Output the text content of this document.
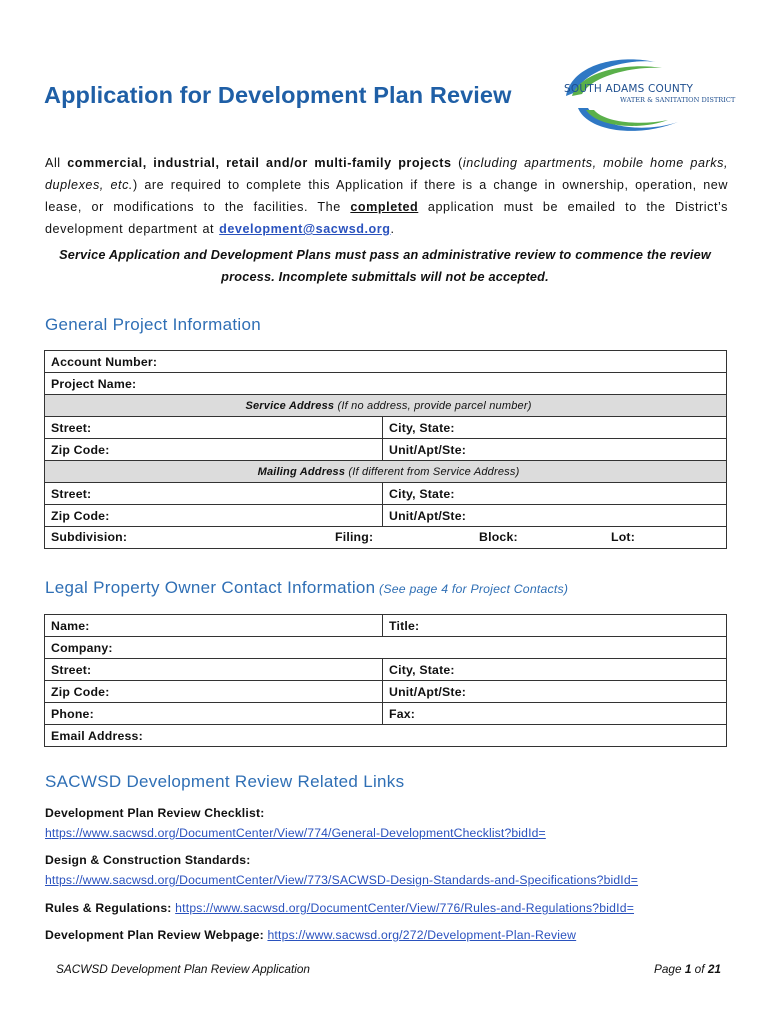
Application for Development Plan Review	SOUTH ADAMS COUNTY
WATER & SANITATION DISTRICT
All commercial, industrial, retail and/or multi-family projects (including apartments, mobile home parks, duplexes, etc.) are required to complete this Application if there is a change in ownership, operation, new lease, or modifications to the facilities. The completed application must be emailed to the District’s development department at development@sacwsd.org.
Service Application and Development Plans must pass an administrative review to commence the review process. Incomplete submittals will not be accepted.
General Project Information
Account Number:	
Project Name:	
Service Address (If no address, provide parcel number)	
Street:	City, State:
Zip Code:	Unit/Apt/Ste:
Mailing Address (If different from Service Address)	
Street:	City, State:
Zip Code:	Unit/Apt/Ste:

Subdivision: Filing: Block: Lot:	
Legal Property Owner Contact Information (See page 4 for Project Contacts)
Name:	Title:
Company:	
Street:	City, State:
Zip Code:	Unit/Apt/Ste:
Phone:	Fax:
Email Address:	
SACWSD Development Review Related Links
Development Plan Review Checklist:
https://www.sacwsd.org/DocumentCenter/View/774/General-DevelopmentChecklist?bidId=
Design & Construction Standards:
https://www.sacwsd.org/DocumentCenter/View/773/SACWSD-Design-Standards-and-Specifications?bidId=
Rules & Regulations: https://www.sacwsd.org/DocumentCenter/View/776/Rules-and-Regulations?bidId=
Development Plan Review Webpage: https://www.sacwsd.org/272/Development-Plan-Review
SACWSD Development Plan Review Application	Page 1 of 21
